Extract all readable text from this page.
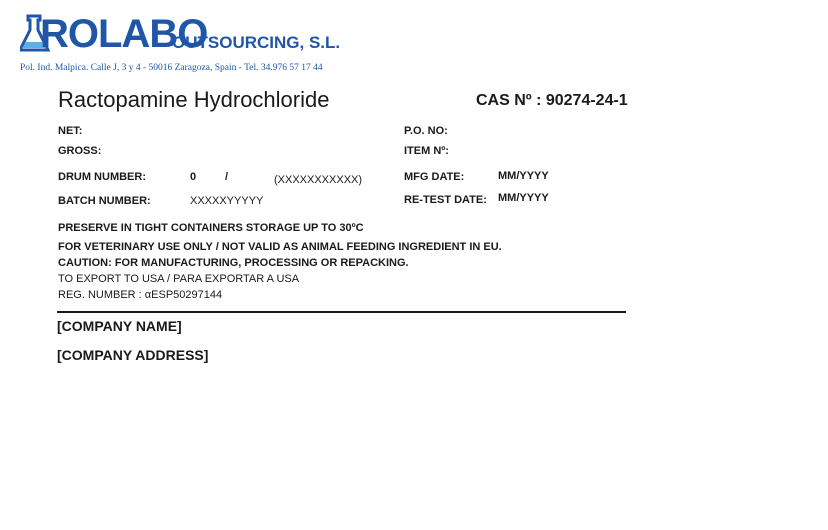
ROLABO
OUTSOURCING, S.L.
Pol. Ind. Malpica. Calle J, 3 y 4 - 50016 Zaragoza, Spain - Tel. 34.976 57 17 44
Ractopamine Hydrochloride	CAS Nº : 90274-24-1
NET:
GROSS:
DRUM NUMBER:	0	/	(XXXXXXXXXXX)
BATCH NUMBER:	XXXXXYYYYY
P.O. NO:
ITEM Nº:
MFG DATE:	MM/YYYY
RE-TEST DATE: MM/YYYY
PRESERVE IN TIGHT CONTAINERS STORAGE UP TO 30ºC
FOR VETERINARY USE ONLY / NOT VALID AS ANIMAL FEEDING INGREDIENT IN EU.
CAUTION: FOR MANUFACTURING, PROCESSING OR REPACKING.
TO EXPORT TO USA / PARA EXPORTAR A USA
REG. NUMBER : αESP50297144
[COMPANY NAME]
[COMPANY ADDRESS]
